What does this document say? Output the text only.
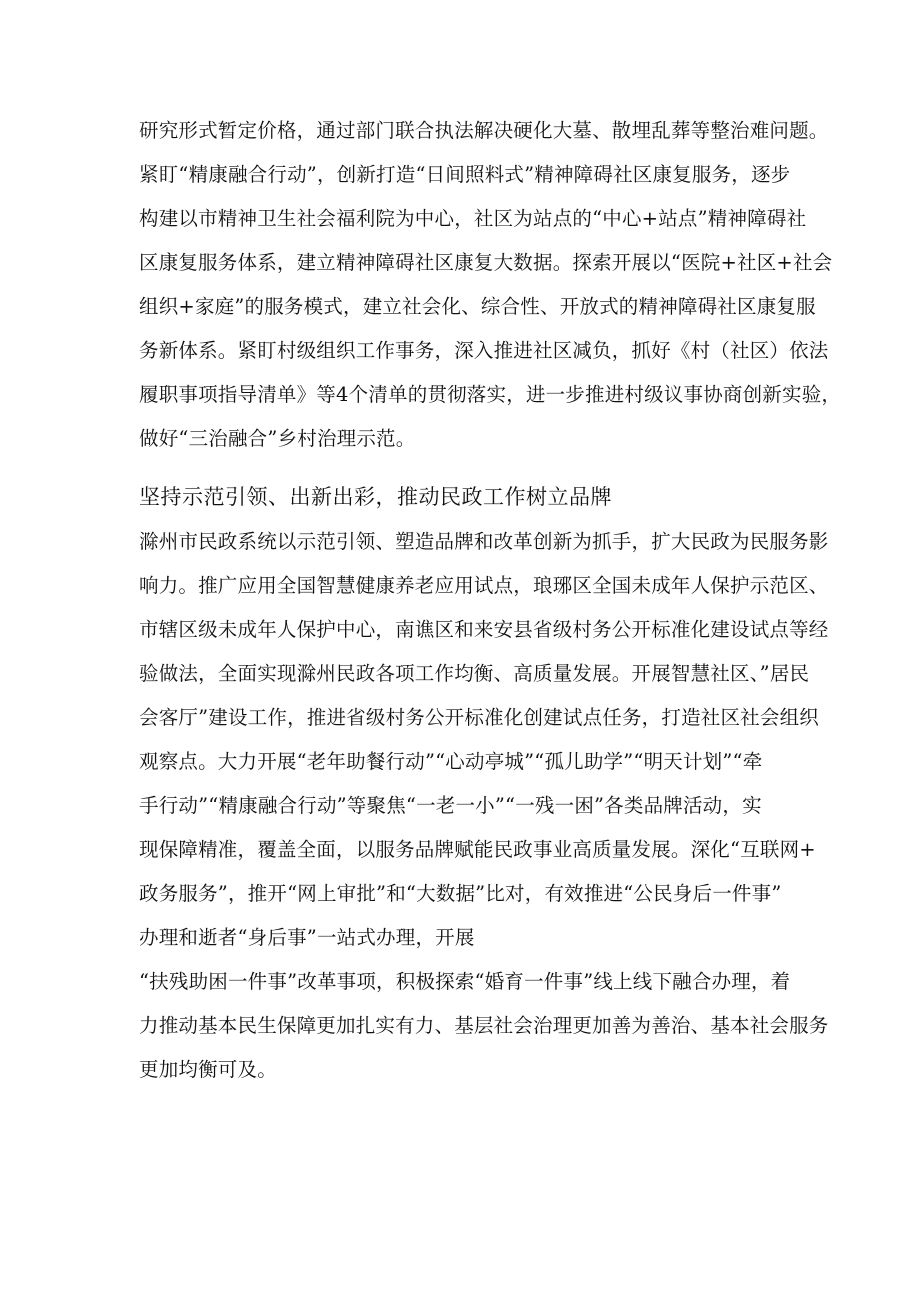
研究形式暂定价格，通过部门联合执法解决硬化大墓、散埋乱葬等整治难问题。
紧盯“精康融合行动”，创新打造“日间照料式”精神障碍社区康复服务，逐步
构建以市精神卫生社会福利院为中心，社区为站点的“中心+站点”精神障碍社
区康复服务体系，建立精神障碍社区康复大数据。探索开展以“医院+社区+社会
组织+家庭”的服务模式，建立社会化、综合性、开放式的精神障碍社区康复服
务新体系。紧盯村级组织工作事务，深入推进社区减负，抓好《村（社区）依法
履职事项指导清单》等4个清单的贯彻落实，进一步推进村级议事协商创新实验，
做好“三治融合”乡村治理示范。
坚持示范引领、出新出彩，推动民政工作树立品牌
滁州市民政系统以示范引领、塑造品牌和改革创新为抓手，扩大民政为民服务影
响力。推广应用全国智慧健康养老应用试点，琅琊区全国未成年人保护示范区、
市辖区级未成年人保护中心，南谯区和来安县省级村务公开标准化建设试点等经
验做法，全面实现滁州民政各项工作均衡、高质量发展。开展智慧社区、”居民
会客厅”建设工作，推进省级村务公开标准化创建试点任务，打造社区社会组织
观察点。大力开展“老年助餐行动”“心动亭城”“孤儿助学”“明天计划”“牵
手行动”“精康融合行动”等聚焦“一老一小”“一残一困”各类品牌活动，实
现保障精准，覆盖全面，以服务品牌赋能民政事业高质量发展。深化“互联网+
政务服务”，推开“网上审批”和“大数据”比对，有效推进“公民身后一件事”
办理和逝者“身后事”一站式办理，开展
“扶残助困一件事”改革事项，积极探索“婚育一件事”线上线下融合办理，着
力推动基本民生保障更加扎实有力、基层社会治理更加善为善治、基本社会服务
更加均衡可及。
